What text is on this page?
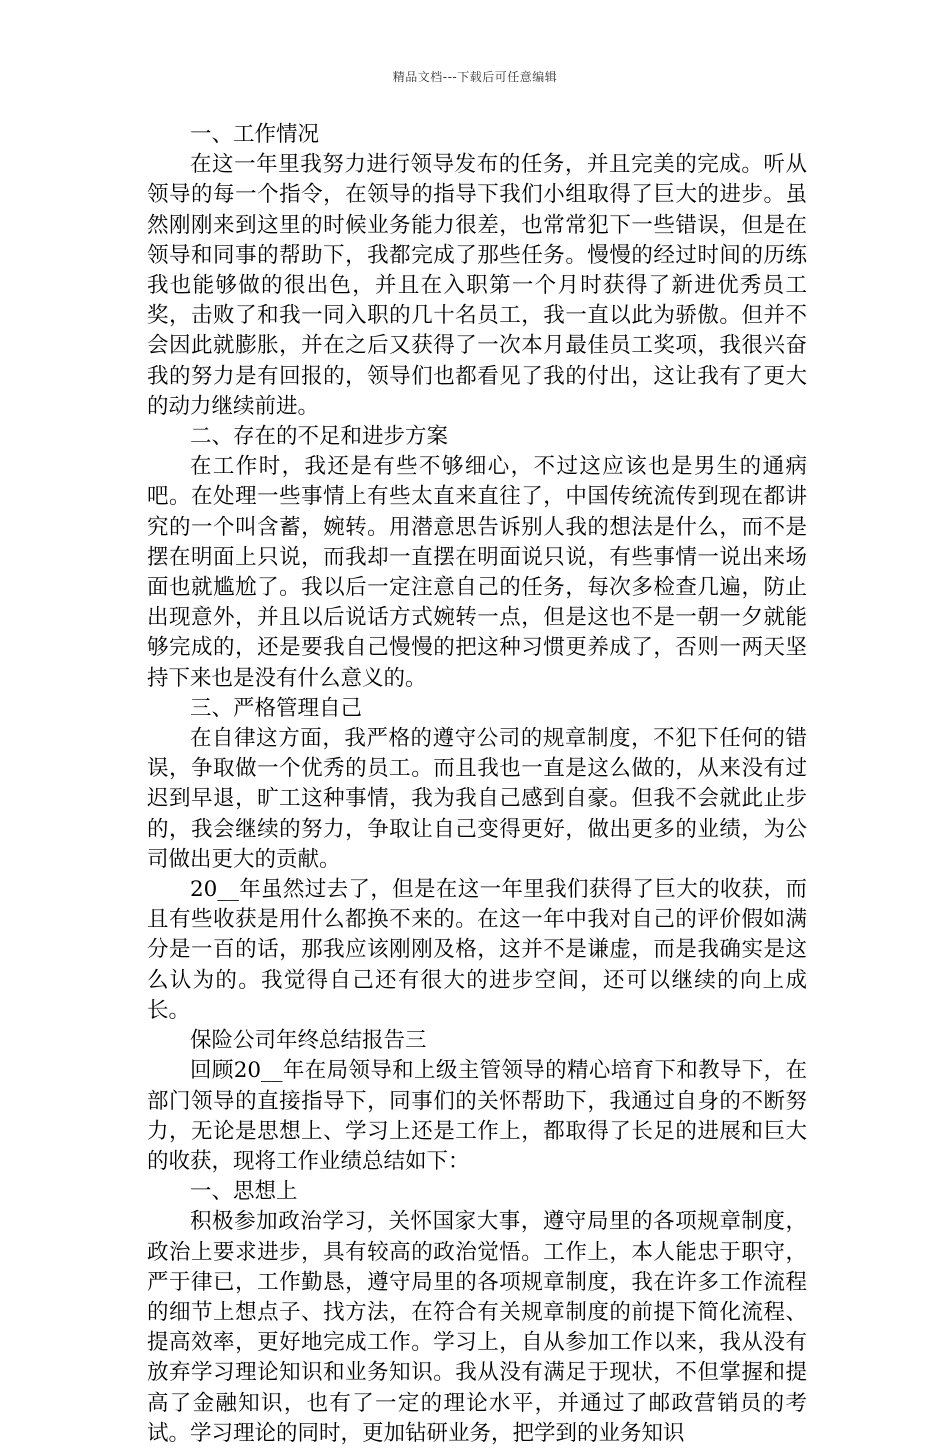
精品文档---下载后可任意编辑

一、工作情况

在这一年里我努力进行领导发布的任务，并且完美的完成。听从领导的每一个指令，在领导的指导下我们小组取得了巨大的进步。虽然刚刚来到这里的时候业务能力很差，也常常犯下一些错误，但是在领导和同事的帮助下，我都完成了那些任务。慢慢的经过时间的历练我也能够做的很出色，并且在入职第一个月时获得了新进优秀员工奖，击败了和我一同入职的几十名员工，我一直以此为骄傲。但并不会因此就膨胀，并在之后又获得了一次本月最佳员工奖项，我很兴奋我的努力是有回报的，领导们也都看见了我的付出，这让我有了更大的动力继续前进。

二、存在的不足和进步方案

在工作时，我还是有些不够细心，不过这应该也是男生的通病吧。在处理一些事情上有些太直来直往了，中国传统流传到现在都讲究的一个叫含蓄，婉转。用潜意思告诉别人我的想法是什么，而不是摆在明面上只说，而我却一直摆在明面说只说，有些事情一说出来场面也就尴尬了。我以后一定注意自己的任务，每次多检查几遍，防止出现意外，并且以后说话方式婉转一点，但是这也不是一朝一夕就能够完成的，还是要我自己慢慢的把这种习惯更养成了，否则一两天坚持下来也是没有什么意义的。

三、严格管理自己

在自律这方面，我严格的遵守公司的规章制度，不犯下任何的错误，争取做一个优秀的员工。而且我也一直是这么做的，从来没有过迟到早退，旷工这种事情，我为我自己感到自豪。但我不会就此止步的，我会继续的努力，争取让自己变得更好，做出更多的业绩，为公司做出更大的贡献。

20__年虽然过去了，但是在这一年里我们获得了巨大的收获，而且有些收获是用什么都换不来的。在这一年中我对自己的评价假如满分是一百的话，那我应该刚刚及格，这并不是谦虚，而是我确实是这么认为的。我觉得自己还有很大的进步空间，还可以继续的向上成长。

保险公司年终总结报告三

回顾20__年在局领导和上级主管领导的精心培育下和教导下，在部门领导的直接指导下，同事们的关怀帮助下，我通过自身的不断努力，无论是思想上、学习上还是工作上，都取得了长足的进展和巨大的收获，现将工作业绩总结如下：

一、思想上

积极参加政治学习，关怀国家大事，遵守局里的各项规章制度，政治上要求进步，具有较高的政治觉悟。工作上，本人能忠于职守，严于律已，工作勤恳，遵守局里的各项规章制度，我在许多工作流程的细节上想点子、找方法，在符合有关规章制度的前提下简化流程、提高效率，更好地完成工作。学习上，自从参加工作以来，我从没有放弃学习理论知识和业务知识。我从没有满足于现状，不但掌握和提高了金融知识，也有了一定的理论水平，并通过了邮政营销员的考试。学习理论的同时，更加钻研业务，把学到的业务知识
